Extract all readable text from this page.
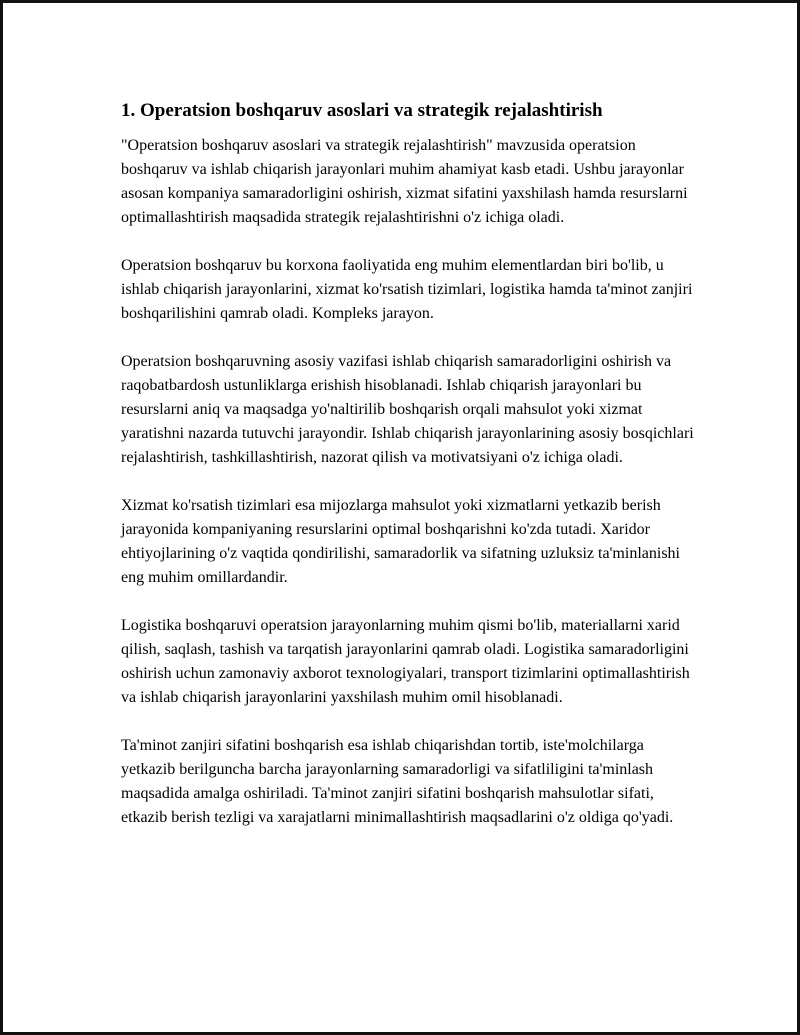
1. Operatsion boshqaruv asoslari va strategik rejalashtirish

"Operatsion boshqaruv asoslari va strategik rejalashtirish" mavzusida operatsion boshqaruv va ishlab chiqarish jarayonlari muhim ahamiyat kasb etadi. Ushbu jarayonlar asosan kompaniya samaradorligini oshirish, xizmat sifatini yaxshilash hamda resurslarni optimallashtirish maqsadida strategik rejalashtirishni o'z ichiga oladi.

Operatsion boshqaruv bu korxona faoliyatida eng muhim elementlardan biri bo'lib, u ishlab chiqarish jarayonlarini, xizmat ko'rsatish tizimlari, logistika hamda ta'minot zanjiri boshqarilishini qamrab oladi. Kompleks jarayon.

Operatsion boshqaruvning asosiy vazifasi ishlab chiqarish samaradorligini oshirish va raqobatbardosh ustunliklarga erishish hisoblanadi. Ishlab chiqarish jarayonlari bu resurslarni aniq va maqsadga yo'naltirilib boshqarish orqali mahsulot yoki xizmat yaratishni nazarda tutuvchi jarayondir. Ishlab chiqarish jarayonlarining asosiy bosqichlari rejalashtirish, tashkillashtirish, nazorat qilish va motivatsiyani o'z ichiga oladi.

Xizmat ko'rsatish tizimlari esa mijozlarga mahsulot yoki xizmatlarni yetkazib berish jarayonida kompaniyaning resurslarini optimal boshqarishni ko'zda tutadi. Xaridor ehtiyojlarining o'z vaqtida qondirilishi, samaradorlik va sifatning uzluksiz ta'minlanishi eng muhim omillardandir.

Logistika boshqaruvi operatsion jarayonlarning muhim qismi bo'lib, materiallarni xarid qilish, saqlash, tashish va tarqatish jarayonlarini qamrab oladi. Logistika samaradorligini oshirish uchun zamonaviy axborot texnologiyalari, transport tizimlarini optimallashtirish va ishlab chiqarish jarayonlarini yaxshilash muhim omil hisoblanadi.

Ta'minot zanjiri sifatini boshqarish esa ishlab chiqarishdan tortib, iste'molchilarga yetkazib berilguncha barcha jarayonlarning samaradorligi va sifatliligini ta'minlash maqsadida amalga oshiriladi. Ta'minot zanjiri sifatini boshqarish mahsulotlar sifati, etkazib berish tezligi va xarajatlarni minimallashtirish maqsadlarini o'z oldiga qo'yadi.
